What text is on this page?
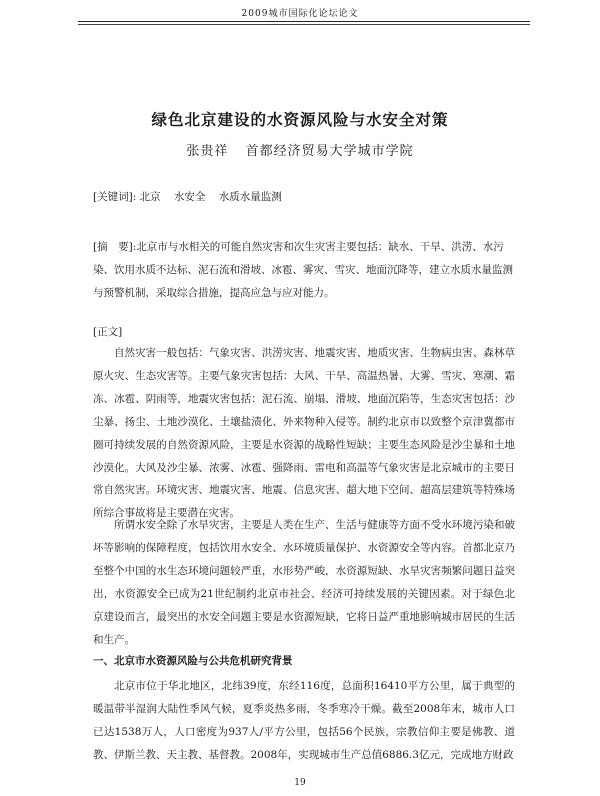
2009城市国际化论坛论文
绿色北京建设的水资源风险与水安全对策
张贵祥 首都经济贸易大学城市学院
[关键词]: 北京 水安全 水质水量监测
[摘　要]:北京市与水相关的可能自然灾害和次生灾害主要包括：缺水、干旱、洪涝、水污染、饮用水质不达标、泥石流和滑坡、冰雹、雾灾、雪灾、地面沉降等，建立水质水量监测与预警机制，采取综合措施，提高应急与应对能力。
[正文]
自然灾害一般包括：气象灾害、洪涝灾害、地震灾害、地质灾害、生物病虫害、森林草原火灾、生态灾害等。主要气象灾害包括：大风、干旱、高温热暑、大雾、雪灾、寒潮、霜冻、冰雹、阴雨等，地震灾害包括：泥石流、崩塌、滑坡、地面沉陷等，生态灾害包括：沙尘暴、扬尘、土地沙漠化、土壤盐渍化、外来物种入侵等。制约北京市以致整个京津冀都市圈可持续发展的自然资源风险，主要是水资源的战略性短缺；主要生态风险是沙尘暴和土地沙漠化。大风及沙尘暴、浓雾、冰雹、强降雨、雷电和高温等气象灾害是北京城市的主要日常自然灾害。环境灾害、地震灾害、地震、信息灾害、超大地下空间、超高层建筑等特殊场所综合事故将是主要潜在灾害。
所谓水安全除了水旱灾害，主要是人类在生产、生活与健康等方面不受水环境污染和破坏等影响的保障程度，包括饮用水安全、水环境质量保护、水资源安全等内容。首都北京乃至整个中国的水生态环境问题较严重，水形势严峻，水资源短缺、水旱灾害频繁问题日益突出，水资源安全已成为21世纪制约北京市社会、经济可持续发展的关键因素。对于绿色北京建设而言，最突出的水安全问题主要是水资源短缺，它将日益严重地影响城市居民的生活和生产。
一、北京市水资源风险与公共危机研究背景
北京市位于华北地区，北纬39度，东经116度，总面积16410平方公里，属于典型的暖温带半湿润大陆性季风气候，夏季炎热多雨，冬季寒冷干燥。截至2008年末，城市人口已达1538万人，人口密度为937人/平方公里，包括56个民族，宗教信仰主要是佛教、道教、伊斯兰教、天主教、基督教。2008年，实现城市生产总值6886.3亿元，完成地方财政
19
